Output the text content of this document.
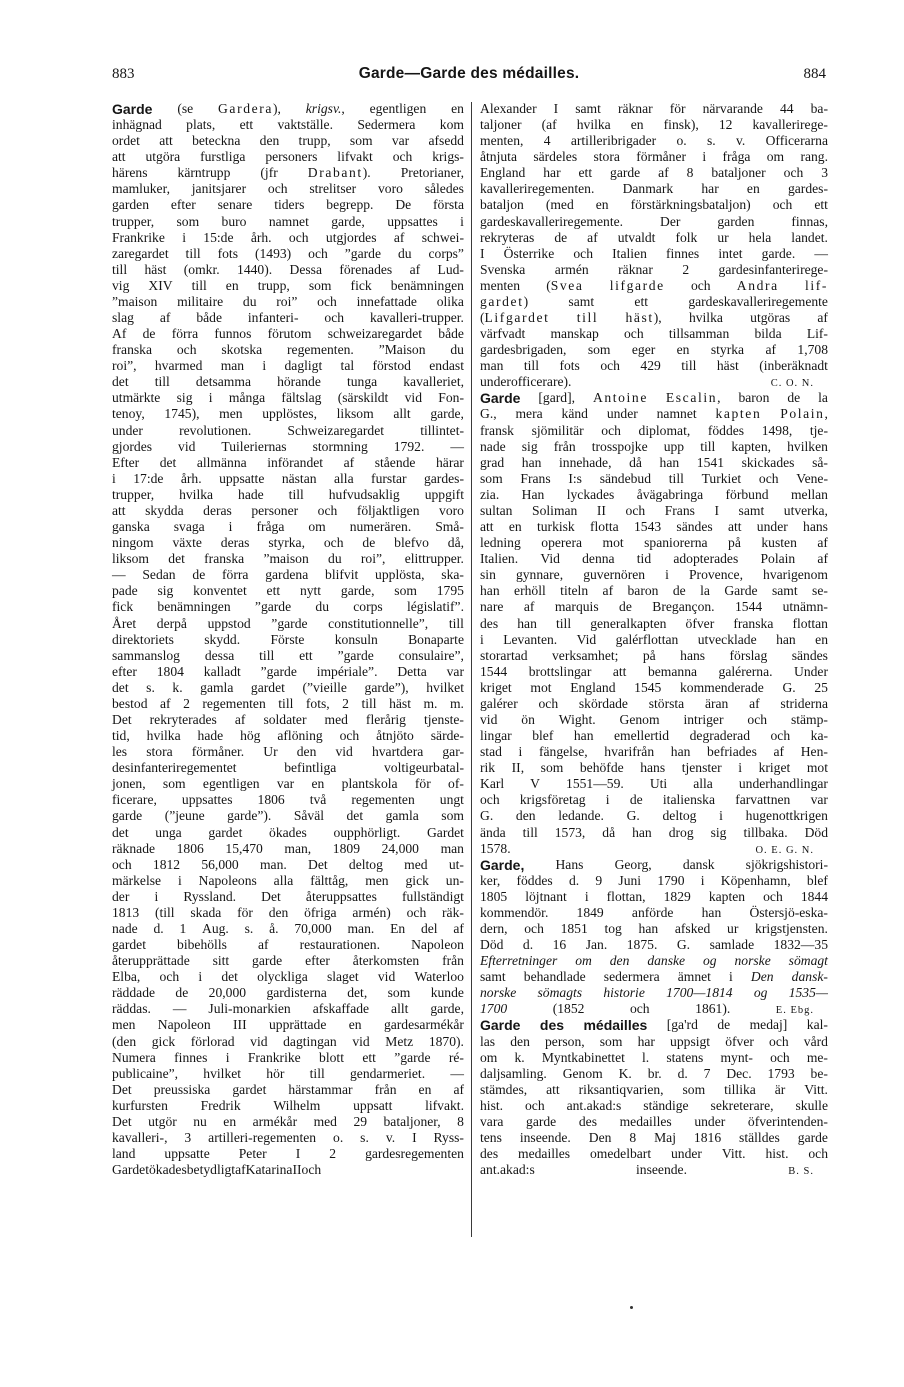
883	Garde—Garde des médailles.	884
Garde (se Gardera), krigsv., egentligen en
inhägnad plats, ett vaktställe. Sedermera kom
ordet att beteckna den trupp, som var afsedd
att utgöra furstliga personers lifvakt och krigs-
härens kärntrupp (jfr Drabant). Pretorianer,
mamluker, janitsjarer och strelitser voro således
garden efter senare tiders begrepp. De första
trupper, som buro namnet garde, uppsattes i
Frankrike i 15:de årh. och utgjordes af schwei-
zaregardet till fots (1493) och ”garde du corps”
till häst (omkr. 1440). Dessa förenades af Lud-
vig XIV till en trupp, som fick benämningen
”maison militaire du roi” och innefattade olika
slag af både infanteri- och kavalleri-trupper.
Af de förra funnos förutom schweizaregardet både
franska och skotska regementen. ”Maison du
roi”, hvarmed man i dagligt tal förstod endast
det till detsamma hörande tunga kavalleriet,
utmärkte sig i många fältslag (särskildt vid Fon-
tenoy, 1745), men upplöstes, liksom allt garde,
under	revolutionen.	Schweizaregardet	tillintet-
gjordes vid Tuileriernas stormning 1792. —
Efter det allmänna införandet af stående härar
i 17:de årh. uppsatte nästan alla furstar gardes-
trupper, hvilka hade till hufvudsaklig uppgift
att skydda deras personer och följaktligen voro
ganska svaga i fråga om numerären. Små-
ningom växte deras styrka, och de blefvo då,
liksom det franska ”maison du roi”, elittrupper.
— Sedan de förra gardena blifvit upplösta, ska-
pade sig konventet ett nytt garde, som 1795
fick benämningen ”garde du corps législatif”.
Året derpå uppstod ”garde constitutionnelle”, till
direktoriets skydd. Förste konsuln Bonaparte
sammanslog dessa till ett ”garde consulaire”,
efter 1804 kalladt ”garde impériale”. Detta var
det s. k. gamla gardet (”vieille garde”), hvilket
bestod af 2 regementen till fots, 2 till häst m. m.
Det rekryterades af soldater med flerårig tjenste-
tid, hvilka hade hög aflöning och åtnjöto särde-
les stora förmåner. Ur den vid hvartdera gar-
desinfanteriregementet	befintliga	voltigeurbatal-
jonen, som egentligen var en plantskola för of-
ficerare, uppsattes 1806 två regementen ungt
garde (”jeune garde”). Såväl det gamla som
det unga gardet ökades oupphörligt. Gardet
räknade 1806 15,470 man, 1809 24,000 man
och 1812 56,000 man. Det deltog med ut-
märkelse i Napoleons alla fälttåg, men gick un-
der i Ryssland. Det återuppsattes fullständigt
1813 (till skada för den öfriga armén) och räk-
nade d. 1 Aug. s. å. 70,000 man. En del af
gardet bibehölls af restaurationen. Napoleon
återupprättade sitt garde efter återkomsten från
Elba, och i det olyckliga slaget vid Waterloo
räddade de 20,000 gardisterna det, som kunde
räddas. — Juli-monarkien afskaffade allt garde,
men Napoleon III upprättade en gardesarmékår
(den gick förlorad vid dagtingan vid Metz 1870).
Numera finnes i Frankrike blott ett ”garde ré-
publicaine”, hvilket hör till gendarmeriet. —
Det preussiska gardet härstammar från en af
kurfursten Fredrik Wilhelm uppsatt lifvakt.
Det utgör nu en armékår med 29 bataljoner, 8
kavalleri-, 3 artilleri-regementen o. s. v. I Ryss-
land uppsatte Peter I 2 gardesregementen
Gardet ökades betydligt af Katarina II och
Alexander I samt räknar för närvarande 44 ba-
taljoner (af hvilka en finsk), 12 kavallerirege-
menten, 4 artilleribrigader o. s. v. Officerarna
åtnjuta särdeles stora förmåner i fråga om rang.
England har ett garde af 8 bataljoner och 3
kavalleriregementen. Danmark har en gardes-
bataljon (med en förstärkningsbataljon) och ett
gardeskavalleriregemente.	Der	garden	finnas,
rekryteras de af utvaldt folk ur hela landet.
I Österrike och Italien finnes intet garde. —
Svenska armén räknar 2 gardesinfanterirege-
menten (Svea lifgarde och Andra lif-
gardet)	samt	ett	gardeskavalleriregemente
(Lifgardet till häst), hvilka utgöras af
värfvadt manskap och tillsamman bilda Lif-
gardesbrigaden, som eger en styrka af 1,708
man till fots och 429 till häst (inberäknadt
underofficerare).	C. O. N.
Garde [gard], Antoine Escalin, baron de la
G., mera känd under namnet kapten Polain,
fransk sjömilitär och diplomat, föddes 1498, tje-
nade sig från trosspojke upp till kapten, hvilken
grad han innehade, då han 1541 skickades så-
som Frans I:s sändebud till Turkiet och Vene-
zia. Han lyckades åvägabringa förbund mellan
sultan Soliman II och Frans I samt utverka,
att en turkisk flotta 1543 sändes att under hans
ledning operera mot spaniorerna på kusten af
Italien. Vid denna tid adopterades Polain af
sin gynnare, guvernören i Provence, hvarigenom
han erhöll titeln af baron de la Garde samt se-
nare af marquis de Bregançon. 1544 utnämn-
des han till generalkapten öfver franska flottan
i Levanten. Vid galérflottan utvecklade han en
storartad verksamhet; på hans förslag sändes
1544 brottslingar att bemanna galérerna. Under
kriget mot England 1545 kommenderade G. 25
galérer och skördade största äran af striderna
vid ön Wight. Genom intriger och stämp-
lingar blef han emellertid degraderad och ka-
stad i fängelse, hvarifrån han befriades af Hen-
rik II, som behöfde hans tjenster i kriget mot
Karl V 1551—59. Uti alla underhandlingar
och krigsföretag i de italienska farvattnen var
G. den ledande. G. deltog i hugenottkrigen
ända till 1573, då han drog sig tillbaka. Död
1578.	O. E. G. N.
Garde, Hans Georg, dansk sjökrigshistori-
ker, föddes d. 9 Juni 1790 i Köpenhamn, blef
1805 löjtnant i flottan, 1829 kapten och 1844
kommendör. 1849 anförde han Östersjö-eska-
dern, och 1851 tog han afsked ur krigstjensten.
Död d. 16 Jan. 1875. G. samlade 1832—35
Efterretninger om den danske og norske sömagt
samt behandlade sedermera ämnet i Den dansk-
norske sömagts historie 1700—1814 og 1535—
1700	(1852	och	1861).	E. Ebg.
Garde des médailles [ga'rd de medaj] kal-
las den person, som har uppsigt öfver och vård
om k. Myntkabinettet l. statens mynt- och me-
daljsamling. Genom K. br. d. 7 Dec. 1793 be-
stämdes, att riksantiqvarien, som tillika är Vitt.
hist. och ant.akad:s ständige sekreterare, skulle
vara garde des medailles under öfverintenden-
tens inseende. Den 8 Maj 1816 ställdes garde
des medailles omedelbart under Vitt. hist. och
ant.akad:s	inseende.	B. S.
